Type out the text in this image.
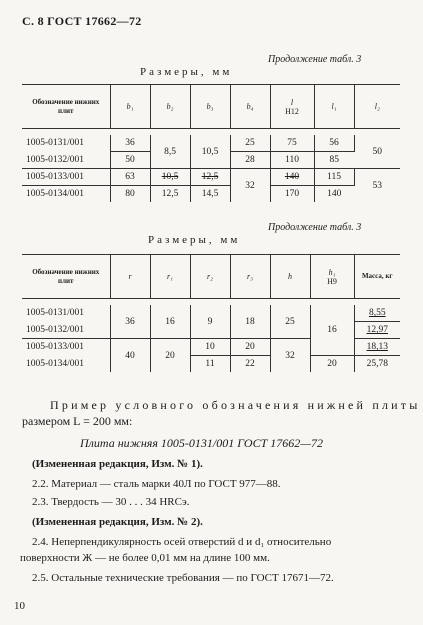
С. 8 ГОСТ 17662—72
Продолжение табл. 3
Размеры, мм
Обозначение нижних плит	b₁	b₂	b₃	b₄	l
H12	l₁	l₂

1005-0131/001	36	8,5	10,5	25	75	56	50
1005-0132/001	50			28	110	85	
1005-0133/001	63	10,5	12,5	32	140	115	53
1005-0134/001	80	12,5	14,5		170	140	
Продолжение табл. 3
Размеры, мм
Обозначение нижних плит	r	r₁	r₂	r₃	h	h₁
H9	Масса, кг

1005-0131/001	36	16	9	18	25	16	8,55
1005-0132/001							12,97
1005-0133/001	40	20	10	20	32		18,13
1005-0134/001			11	22		20	25,78
Пример условного обозначения нижней плиты
размером L = 200 мм:
Плита нижняя 1005-0131/001 ГОСТ 17662—72
(Измененная редакция, Изм. № 1).
2.2. Материал — сталь марки 40Л по ГОСТ 977—88.
2.3. Твердость — 30 . . . 34 HRCэ.
(Измененная редакция, Изм. № 2).
2.4. Неперпендикулярность осей отверстий d и d₁ относительно
поверхности Ж — не более 0,01 мм на длине 100 мм.
2.5. Остальные технические требования — по ГОСТ 17671—72.
10
